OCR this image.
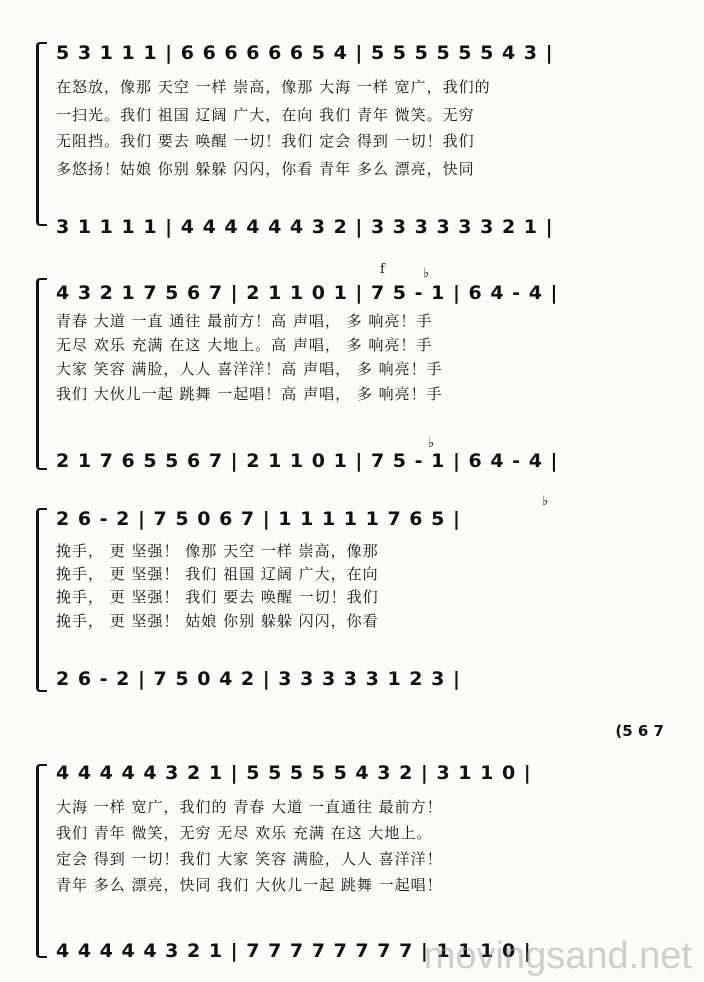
5 3 1 1 1 | 6 6 6 6 6 6 5 4 | 5 5 5 5 5 5 4 3 |
在怒放，像那 天空 一样 崇高，像那 大海 一样 宽广，我们的
一扫光。我们 祖国 辽阔 广大，在向 我们 青年 微笑。无穷
无阻挡。我们 要去 唤醒 一切！我们 定会 得到 一切！我们
多悠扬！姑娘 你别 躲躲 闪闪，你看 青年 多么 漂亮，快同
3 1 1 1 1 | 4 4 4 4 4 4 3 2 | 3 3 3 3 3 3 2 1 |
f	♭
4 3 2 1 7 5 6 7 | 2 1 1 0 1 | 7 5 - 1 | 6 4 - 4 |
青春 大道 一直 通往 最前方！高 声唱， 多 响亮！手
无尽 欢乐 充满 在这 大地上。高 声唱， 多 响亮！手
大家 笑容 满脸，人人 喜洋洋！高 声唱， 多 响亮！手
我们 大伙儿一起 跳舞 一起唱！高 声唱， 多 响亮！手
♭
2 1 7 6 5 5 6 7 | 2 1 1 0 1 | 7 5 - 1 | 6 4 - 4 |
♭
2 6 - 2 | 7 5 0 6 7 | 1 1 1 1 1 7 6 5 |
挽手， 更 坚强！ 像那 天空 一样 崇高，像那
挽手， 更 坚强！ 我们 祖国 辽阔 广大，在向
挽手， 更 坚强！ 我们 要去 唤醒 一切！我们
挽手， 更 坚强！ 姑娘 你别 躲躲 闪闪，你看
2 6 - 2 | 7 5 0 4 2 | 3 3 3 3 3 1 2 3 |
(5 6 7
4 4 4 4 4 3 2 1 | 5 5 5 5 5 4 3 2 | 3 1 1 0 |
大海 一样 宽广，我们的 青春 大道 一直通往 最前方！
我们 青年 微笑，无穷 无尽 欢乐 充满 在这 大地上。
定会 得到 一切！我们 大家 笑容 满脸，人人 喜洋洋！
青年 多么 漂亮，快同 我们 大伙儿一起 跳舞 一起唱！
4 4 4 4 4 3 2 1 | 7 7 7 7 7 7 7 7 | 1 1 1 0 |
movingsand.net
